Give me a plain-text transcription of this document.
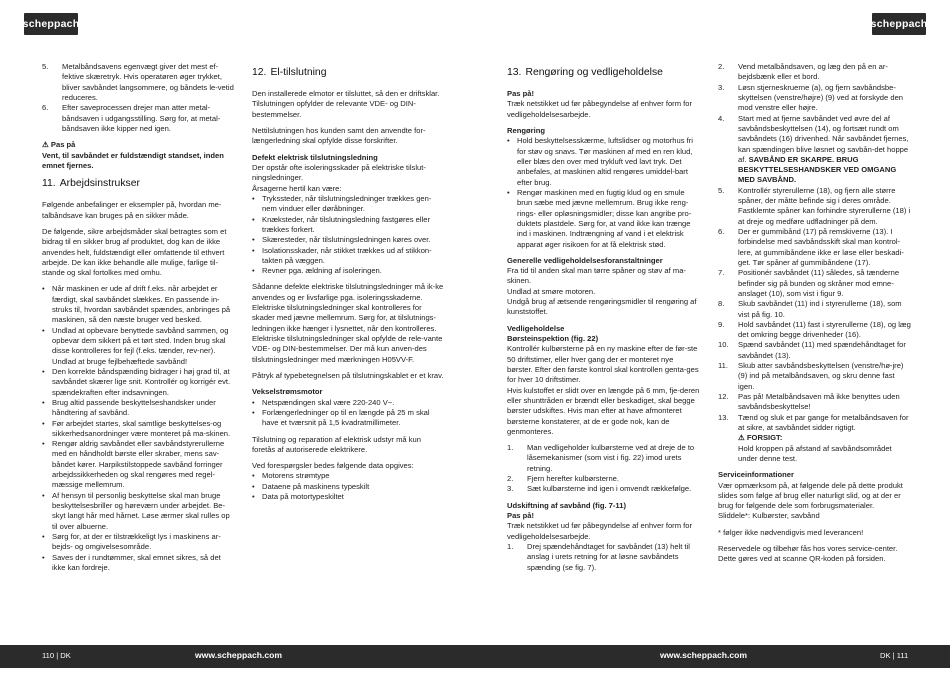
scheppach	scheppach
5. Metalbåndsavens egenvægt giver det mest ef-fektive skæretryk. Hvis operatøren øger trykket, bliver savbåndet langsommere, og båndets le-vetid reduceres.
6. Efter saveprocessen drejer man atter metal-båndsaven i udgangsstilling. Sørg for, at metal-båndsaven ikke kipper ned igen.
⚠ Pas på

Vent, til savbåndet er fuldstændigt standset, inden emnet fjernes.

11. Arbejdsinstrukser

Følgende anbefalinger er eksempler på, hvordan me-talbåndsave kan bruges på en sikker måde.

De følgende, sikre arbejdsmåder skal betragtes som et bidrag til en sikker brug af produktet, dog kan de ikke anvendes helt, fuldstændigt eller omfattende til ethvert arbejde. De kan ikke behandle alle mulige, farlige til-stande og skal fortolkes med omhu.

• Når maskinen er ude af drift f.eks. når arbejdet er færdigt, skal savbåndet slækkes. En passende in-struks til, hvordan savbåndet spændes, anbringes på maskinen, så den næste bruger ved besked.
• Undlad at opbevare benyttede savbånd sammen, og opbevar dem sikkert på et tørt sted. Inden brug skal disse kontrolleres for fejl (f.eks. tænder, rev-ner). Undlad at bruge fejlbehæftede savbånd!
• Den korrekte båndspænding bidrager i høj grad til, at savbåndet skærer lige snit. Kontrollér og korrigér evt. spændekraften efter indsavningen.
• Brug altid passende beskyttelseshandsker under håndtering af savbånd.
• Før arbejdet startes, skal samtlige beskyttelses-og sikkerhedsanordninger være monteret på ma-skinen.
• Rengør aldrig savbåndet eller savbåndstyrerullerne med en håndholdt børste eller skraber, mens sav-båndet kører. Harpikstilstoppede savbånd forringer arbejdssikkerheden og skal rengøres med regel-mæssige mellemrum.
• Af hensyn til personlig beskyttelse skal man bruge beskyttelsesbriller og høreværn under arbejdet. Be-skyt langt hår med hårnet. Løse ærmer skal rulles op til over albuerne.
• Sørg for, at der er tilstrækkeligt lys i maskinens ar-bejds- og omgivelsesområde.
• Saves der i rundtømmer, skal emnet sikres, så det ikke kan fordreje.
12. El-tilslutning

Den installerede elmotor er tilsluttet, så den er driftsklar. Tilslutningen opfylder de relevante VDE- og DIN-bestemmelser.

Nettilslutningen hos kunden samt den anvendte for-længerledning skal opfylde disse forskrifter.

Defekt elektrisk tilslutningsledning
Der opstår ofte isoleringsskader på elektriske tilslut-ningsledninger.
Årsagerne hertil kan være:
• Trykssteder, når tilslutningsledninger trækkes gen-nem vinduer eller døråbninger.
• Knæksteder, når tilslutningsledning fastgøres eller trækkes forkert.
• Skæresteder, når tilslutningsledningen køres over.
• Isolationsskader, når stikket trækkes ud af stikkon-takten på væggen.
• Revner pga. ældning af isoleringen.

Sådanne defekte elektriske tilslutningsledninger må ik-ke anvendes og er livsfarlige pga. isoleringsskaderne. Elektriske tilslutningsledninger skal kontrolleres for skader med jævne mellemrum. Sørg for, at tilslutnings-ledningen ikke hænger i lysnettet, når den kontrolleres. Elektriske tilslutningsledninger skal opfylde de rele-vante VDE- og DIN-bestemmelser. Der må kun anven-des tilslutningsledninger med mærkningen H05VV-F.

Påtryk af typebetegnelsen på tilslutningskablet er et krav.

Vekselstrømsmotor
• Netspændingen skal være 220-240 V~.
• Forlængerledninger op til en længde på 25 m skal have et tværsnit på 1,5 kvadratmillimeter.

Tilslutning og reparation af elektrisk udstyr må kun foretås af autoriserede elektrikere.

Ved forespørgsler bedes følgende data opgives:
• Motorens strømtype
• Dataene på maskinens typeskilt
• Data på motortypeskiltet
13. Rengøring og vedligeholdelse
Pas på!

Træk netstikket ud før påbegyndelse af enhver form for vedligeholdelsesarbejde.

Rengøring
• Hold beskyttelsesskærme, luftslidser og motorhus fri for støv og snavs. Tør maskinen af med en ren klud, eller blæs den over med trykluft ved lavt tryk. Det anbefales, at maskinen altid rengøres umiddel-bart efter brug.
• Rengør maskinen med en fugtig klud og en smule brun sæbe med jævne mellemrum. Brug ikke reng-rings- eller opløsningsmidler; disse kan angribe pro-duktets plastdele. Sørg for, at vand ikke kan trænge ind i maskinen. Indtrængning af vand i et elektrisk apparat øger risikoen for at få elektrisk stød.
Generelle vedligeholdelsesforanstaltninger
Fra tid til anden skal man tørre spåner og støv af ma-skinen.
Undlad at smøre motoren.

Undgå brug af ætsende rengøringsmidler til rengøring af kunststoffet.

Vedligeholdelse
Børsteinspektion (fig. 22)
Kontrollér kulbørsterne på en ny maskine efter de før-ste 50 driftstimer, eller hver gang der er monteret nye børster. Efter den første kontrol skal kontrollen genta-ges for hver 10 driftstimer.

Hvis kulstoffet er slidt over en længde på 6 mm, fje-deren eller shunttråden er brændt eller beskadiget, skal begge børster udskiftes. Hvis man efter at have afmonteret børsterne konstaterer, at de er gode nok, kan de genmonteres.

1. Man vedligeholder kulbørsterne ved at dreje de to låsemekanismer (som vist i fig. 22) imod urets retning.
2. Fjern herefter kulbørsterne.
3. Sæt kulbørsterne ind igen i omvendt rækkefølge.
Udskiftning af savbånd (fig. 7-11)
Pas på!
Træk netstikket ud før påbegyndelse af enhver form for vedligeholdelsesarbejde.
1. Drej spændehåndtaget for savbåndet (13) helt til anslag i urets retning for at løsne savbåndets spænding (se fig. 7).
2. Vend metalbåndsaven, og læg den på en ar-bejdsbænk eller et bord.
3. Løsn stjerneskruerne (a), og fjern savbåndsbe-skyttelsen (venstre/højre) (9) ved at forskyde den mod venstre eller højre.
4. Start med at fjerne savbåndet ved øvre del af savbåndsbeskyttelsen (14), og fortsæt rundt om savbåndets (16) drivenhed. Når savbåndet fjernes, kan spændingen blive løsnet og savbån-det hoppe af. SAVBÅND ER SKARPE. BRUG BESKYTTELSESHANDSKER VED OMGANG MED SAVBÅND.
5. Kontrollér styrerullerne (18), og fjern alle større spåner, der måtte befinde sig i deres område. Fastklemte spåner kan forhindre styrerullerne (18) i at dreje og medføre udfladninger på dem.
6. Der er gummibånd (17) på remskiverne (13). I forbindelse med savbåndsskift skal man kontrol-lere, at gummibåndene ikke er løse eller beskadi-get. Tør spåner af gummibåndene (17).
7. Positionér savbåndet (11) således, så tænderne befinder sig på bunden og skråner mod emne-anslaget (10), som vist i figur 9.
8. Skub savbåndet (11) ind i styrerullerne (18), som vist på fig. 10.
9. Hold savbåndet (11) fast i styrerullerne (18), og læg det omkring begge drivenheder (16).
10. Spænd savbåndet (11) med spændehåndtaget for savbåndet (13).
11. Skub atter savbåndsbeskyttelsen (venstre/hø-jre) (9) ind på metalbåndsaven, og skru denne fast igen.
12. Pas på! Metalbåndsaven må ikke benyttes uden savbåndsbeskyttelse!
13. Tænd og sluk et par gange for metalbåndsaven for at sikre, at savbåndet sidder rigtigt.
⚠ FORSIGT:
Hold kroppen på afstand af savbåndsområdet under denne test.
Serviceinformationer
Vær opmærksom på, at følgende dele på dette produkt slides som følge af brug eller naturligt slid, og at der er brug for følgende dele som forbrugsmaterialer.

Sliddele*: Kulbørster, savbånd

* følger ikke nødvendigvis med leverancen!

Reservedele og tilbehør fås hos vores service-center. Dette gøres ved at scanne QR-koden på forsiden.

110 | DK	www.scheppach.com	www.scheppach.com	DK | 111
